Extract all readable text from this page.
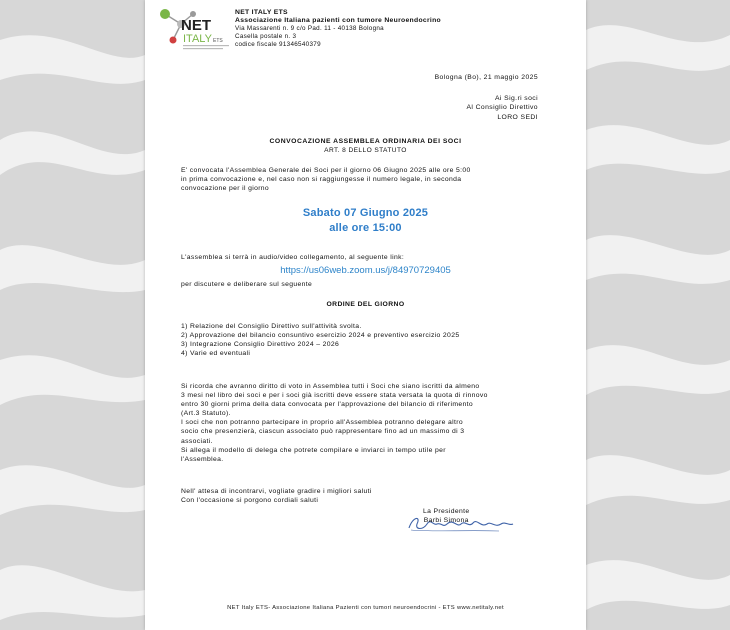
NET
ITALY ETS
NET ITALY ETS
Associazione Italiana pazienti con tumore Neuroendocrino
Via Massarenti n. 9 c/o Pad. 11 - 40138 Bologna
Casella postale n. 3
codice fiscale 91346540379
Bologna (Bo), 21 maggio 2025
Ai Sig.ri soci
Al Consiglio Direttivo
LORO SEDI
CONVOCAZIONE ASSEMBLEA ORDINARIA DEI SOCI
ART. 8 DELLO STATUTO
E' convocata l'Assemblea Generale dei Soci per il giorno 06 Giugno 2025 alle ore 5:00
in prima convocazione e, nel caso non si raggiungesse il numero legale, in seconda
convocazione per il giorno
Sabato 07 Giugno 2025
alle ore 15:00
L'assemblea si terrà in audio/video collegamento, al seguente link:
https://us06web.zoom.us/j/84970729405
per discutere e deliberare sul seguente
ORDINE DEL GIORNO
1) Relazione del Consiglio Direttivo sull'attività svolta.
2) Approvazione del bilancio consuntivo esercizio 2024 e preventivo esercizio 2025
3) Integrazione Consiglio Direttivo 2024 – 2026
4) Varie ed eventuali
Si ricorda che avranno diritto di voto in Assemblea tutti i Soci che siano iscritti da almeno
3 mesi nel libro dei soci e per i soci già iscritti deve essere stata versata la quota di rinnovo
entro 30 giorni prima della data convocata per l'approvazione del bilancio di riferimento
(Art.3 Statuto).
I soci che non potranno partecipare in proprio all'Assemblea potranno delegare altro
socio che presenzierà, ciascun associato può rappresentare fino ad un massimo di 3
associati.
Si allega il modello di delega che potrete compilare e inviarci in tempo utile per
l'Assemblea.
Nell' attesa di incontrarvi, vogliate gradire i migliori saluti
Con l'occasione si porgono cordiali saluti
La Presidente
Barbi Simona
NET Italy ETS- Associazione Italiana Pazienti con tumori neuroendocrini - ETS www.netitaly.net
